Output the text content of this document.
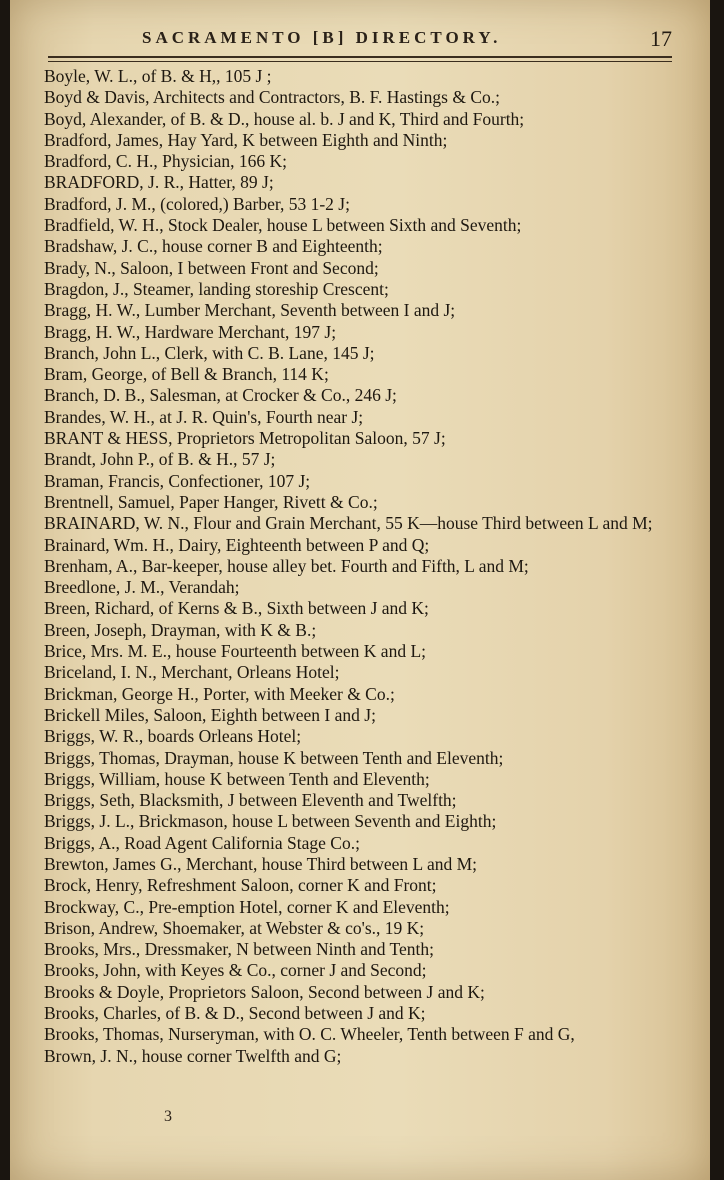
SACRAMENTO [B] DIRECTORY.	17
Boyle, W. L., of B. & H,, 105 J ;
Boyd & Davis, Architects and Contractors, B. F. Hastings & Co.;
Boyd, Alexander, of B. & D., house al. b. J and K, Third and Fourth;
Bradford, James, Hay Yard, K between Eighth and Ninth;
Bradford, C. H., Physician, 166 K;
BRADFORD, J. R., Hatter, 89 J;
Bradford, J. M., (colored,) Barber, 53 1-2 J;
Bradfield, W. H., Stock Dealer, house L between Sixth and Seventh;
Bradshaw, J. C., house corner B and Eighteenth;
Brady, N., Saloon, I between Front and Second;
Bragdon, J., Steamer, landing storeship Crescent;
Bragg, H. W., Lumber Merchant, Seventh between I and J;
Bragg, H. W., Hardware Merchant, 197 J;
Branch, John L., Clerk, with C. B. Lane, 145 J;
Bram, George, of Bell & Branch, 114 K;
Branch, D. B., Salesman, at Crocker & Co., 246 J;
Brandes, W. H., at J. R. Quin's, Fourth near J;
BRANT & HESS, Proprietors Metropolitan Saloon, 57 J;
Brandt, John P., of B. & H., 57 J;
Braman, Francis, Confectioner, 107 J;
Brentnell, Samuel, Paper Hanger, Rivett & Co.;
BRAINARD, W. N., Flour and Grain Merchant, 55 K—house Third between L and M;
Brainard, Wm. H., Dairy, Eighteenth between P and Q;
Brenham, A., Bar-keeper, house alley bet. Fourth and Fifth, L and M;
Breedlone, J. M., Verandah;
Breen, Richard, of Kerns & B., Sixth between J and K;
Breen, Joseph, Drayman, with K & B.;
Brice, Mrs. M. E., house Fourteenth between K and L;
Briceland, I. N., Merchant, Orleans Hotel;
Brickman, George H., Porter, with Meeker & Co.;
Brickell Miles, Saloon, Eighth between I and J;
Briggs, W. R., boards Orleans Hotel;
Briggs, Thomas, Drayman, house K between Tenth and Eleventh;
Briggs, William, house K between Tenth and Eleventh;
Briggs, Seth, Blacksmith, J between Eleventh and Twelfth;
Briggs, J. L., Brickmason, house L between Seventh and Eighth;
Briggs, A., Road Agent California Stage Co.;
Brewton, James G., Merchant, house Third between L and M;
Brock, Henry, Refreshment Saloon, corner K and Front;
Brockway, C., Pre-emption Hotel, corner K and Eleventh;
Brison, Andrew, Shoemaker, at Webster & co's., 19 K;
Brooks, Mrs., Dressmaker, N between Ninth and Tenth;
Brooks, John, with Keyes & Co., corner J and Second;
Brooks & Doyle, Proprietors Saloon, Second between J and K;
Brooks, Charles, of B. & D., Second between J and K;
Brooks, Thomas, Nurseryman, with O. C. Wheeler, Tenth between F and G,
Brown, J. N., house corner Twelfth and G;
3
